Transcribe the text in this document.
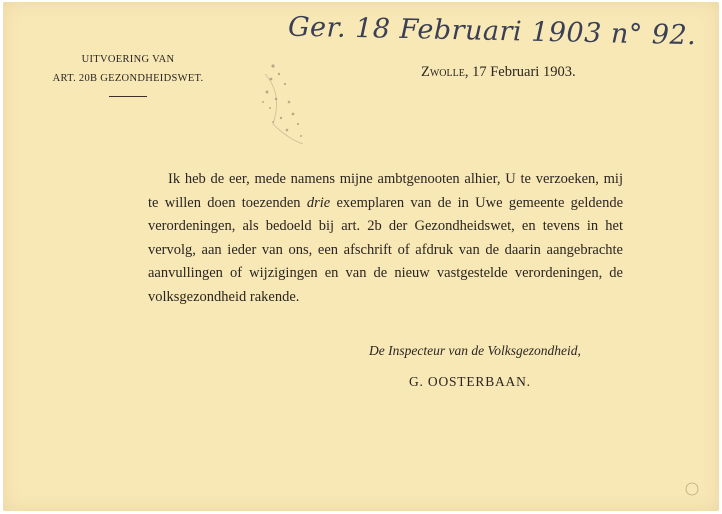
Ger. 18 Februari 1903 n° 92.
UITVOERING VAN
ART. 20B GEZONDHEIDSWET.	Zwolle, 17 Februari 1903.

Ik heb de eer, mede namens mijne ambtgenooten alhier, U te verzoeken, mij te willen doen toezenden drie exemplaren van de in Uwe gemeente geldende verordeningen, als bedoeld bij art. 2b der Gezondheidswet, en tevens in het vervolg, aan ieder van ons, een afschrift of afdruk van de daarin aangebrachte aanvullingen of wijzigingen en van de nieuw vastgestelde verordeningen, de volksgezondheid rakende.

De Inspecteur van de Volksgezondheid,
G. OOSTERBAAN.
